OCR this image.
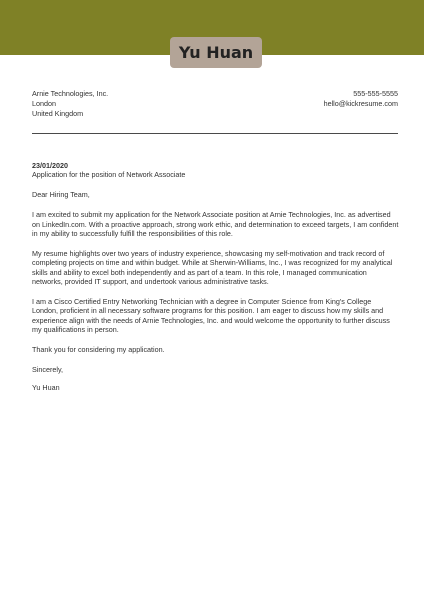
Yu Huan
Arnie Technologies, Inc.
London
United Kingdom
555-555-5555
hello@kickresume.com

23/01/2020

Application for the position of Network Associate

Dear Hiring Team,

I am excited to submit my application for the Network Associate position at Arnie Technologies, Inc. as advertised on LinkedIn.com. With a proactive approach, strong work ethic, and determination to exceed targets, I am confident in my ability to successfully fulfill the responsibilities of this role.

My resume highlights over two years of industry experience, showcasing my self-motivation and track record of completing projects on time and within budget. While at Sherwin-Williams, Inc., I was recognized for my analytical skills and ability to excel both independently and as part of a team. In this role, I managed communication networks, provided IT support, and undertook various administrative tasks.

I am a Cisco Certified Entry Networking Technician with a degree in Computer Science from King's College London, proficient in all necessary software programs for this position. I am eager to discuss how my skills and experience align with the needs of Arnie Technologies, Inc. and would welcome the opportunity to further discuss my qualifications in person.

Thank you for considering my application.

Sincerely,

Yu Huan
